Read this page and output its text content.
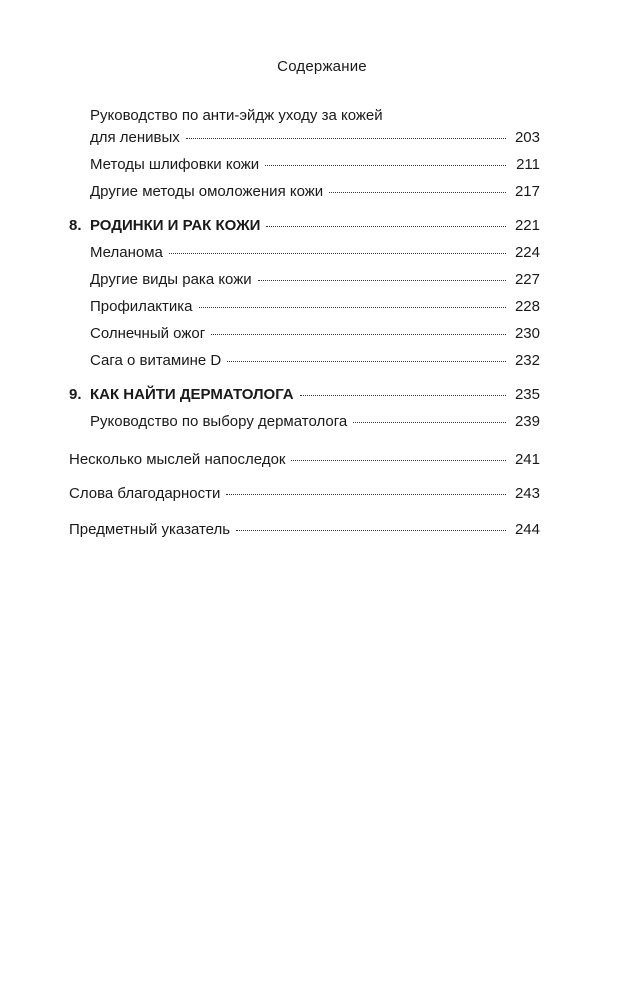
Содержание
Руководство по анти-эйдж уходу за кожей
для ленивых	203
Методы шлифовки кожи	211
Другие методы омоложения кожи	217
8. РОДИНКИ И РАК КОЖИ	221
Меланома	224
Другие виды рака кожи	227
Профилактика	228
Солнечный ожог	230
Сага о витамине D	232
9. КАК НАЙТИ ДЕРМАТОЛОГА	235
Руководство по выбору дерматолога	239
Несколько мыслей напоследок	241
Слова благодарности	243
Предметный указатель	244
